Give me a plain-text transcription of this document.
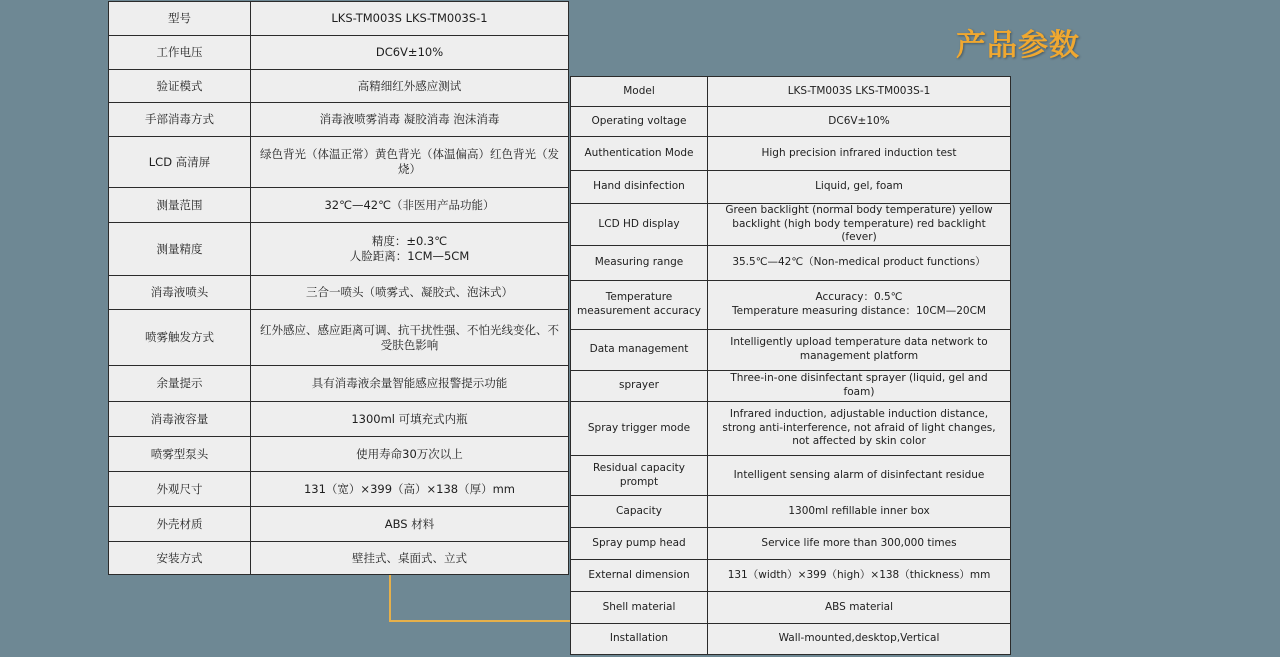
产品参数
型号	LKS-TM003S LKS-TM003S-1

工作电压	DC6V±10%

验证模式	高精细红外感应测试

手部消毒方式	消毒液喷雾消毒 凝胶消毒 泡沫消毒

LCD 高清屏	绿色背光（体温正常）黄色背光（体温偏高）红色背光（发烧）

测量范围	32℃—42℃（非医用产品功能）

测量精度	精度：±0.3℃
人脸距离：1CM—5CM

消毒液喷头	三合一喷头（喷雾式、凝胶式、泡沫式）

喷雾触发方式	红外感应、感应距离可调、抗干扰性强、不怕光线变化、不受肤色影响

余量提示	具有消毒液余量智能感应报警提示功能

消毒液容量	1300ml 可填充式内瓶

喷雾型泵头	使用寿命30万次以上

外观尺寸	131（宽）×399（高）×138（厚）mm

外壳材质	ABS 材料

安装方式	壁挂式、桌面式、立式
Model	LKS-TM003S LKS-TM003S-1

Operating voltage	DC6V±10%

Authentication Mode	High precision infrared induction test

Hand disinfection	Liquid, gel, foam

LCD HD display	Green backlight (normal body temperature) yellow backlight (high body temperature) red backlight (fever)

Measuring range	35.5℃—42℃（Non-medical product functions）

Temperature measurement accuracy	Accuracy：0.5℃
Temperature measuring distance：10CM—20CM

Data management	Intelligently upload temperature data network to management platform

sprayer	Three-in-one disinfectant sprayer (liquid, gel and foam)

Spray trigger mode	Infrared induction, adjustable induction distance, strong anti-interference, not afraid of light changes, not affected by skin color

Residual capacity prompt	Intelligent sensing alarm of disinfectant residue

Capacity	1300ml refillable inner box

Spray pump head	Service life more than 300,000 times

External dimension	131（width）×399（high）×138（thickness）mm

Shell material	ABS material

Installation	Wall-mounted,desktop,Vertical
